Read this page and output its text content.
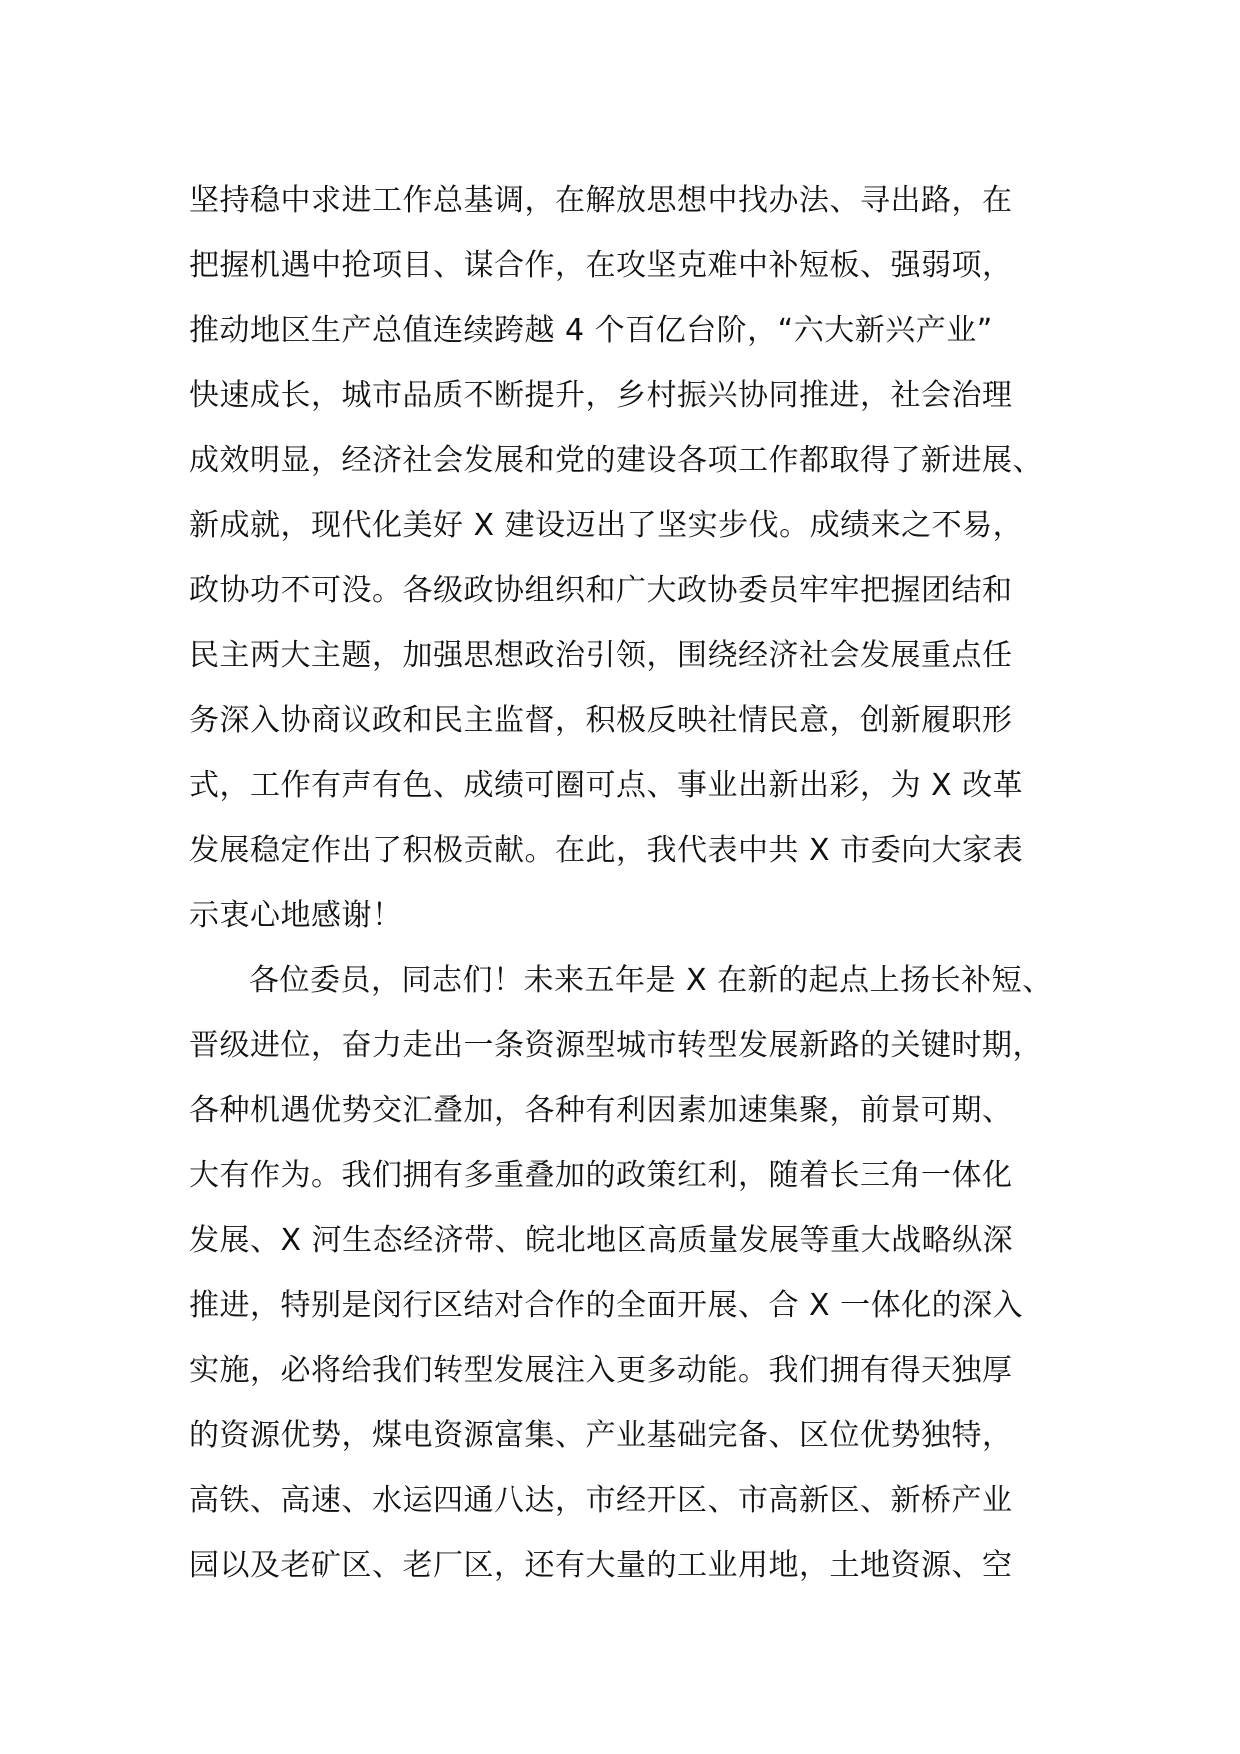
坚持稳中求进工作总基调，在解放思想中找办法、寻出路，在
把握机遇中抢项目、谋合作，在攻坚克难中补短板、强弱项，
推动地区生产总值连续跨越 4 个百亿台阶，“六大新兴产业”
快速成长，城市品质不断提升，乡村振兴协同推进，社会治理
成效明显，经济社会发展和党的建设各项工作都取得了新进展、
新成就，现代化美好 X 建设迈出了坚实步伐。成绩来之不易，
政协功不可没。各级政协组织和广大政协委员牢牢把握团结和
民主两大主题，加强思想政治引领，围绕经济社会发展重点任
务深入协商议政和民主监督，积极反映社情民意，创新履职形
式，工作有声有色、成绩可圈可点、事业出新出彩，为 X 改革
发展稳定作出了积极贡献。在此，我代表中共 X 市委向大家表
示衷心地感谢！
各位委员，同志们！未来五年是 X 在新的起点上扬长补短、
晋级进位，奋力走出一条资源型城市转型发展新路的关键时期，
各种机遇优势交汇叠加，各种有利因素加速集聚，前景可期、
大有作为。我们拥有多重叠加的政策红利，随着长三角一体化
发展、X 河生态经济带、皖北地区高质量发展等重大战略纵深
推进，特别是闵行区结对合作的全面开展、合 X 一体化的深入
实施，必将给我们转型发展注入更多动能。我们拥有得天独厚
的资源优势，煤电资源富集、产业基础完备、区位优势独特，
高铁、高速、水运四通八达，市经开区、市高新区、新桥产业
园以及老矿区、老厂区，还有大量的工业用地，土地资源、空
